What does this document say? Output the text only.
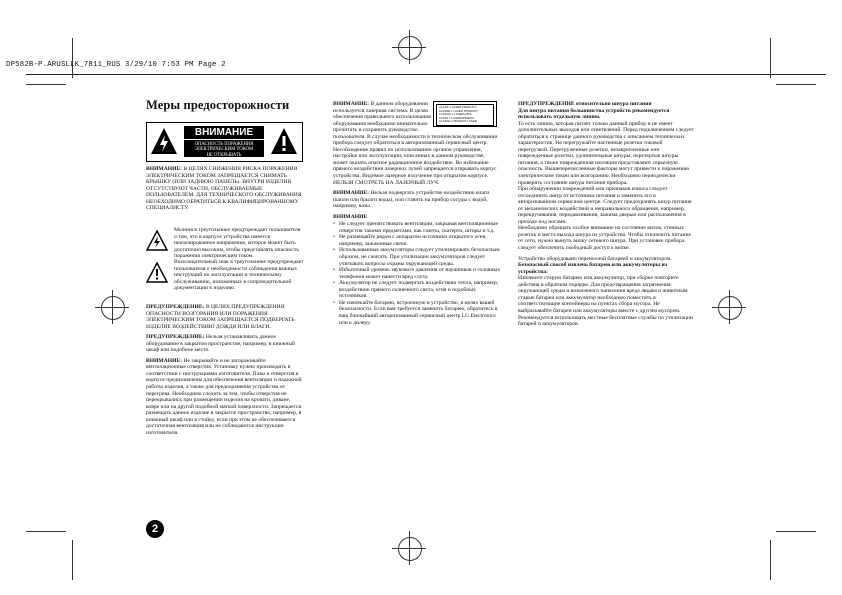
DP582B-P.ARUSLLK_7811_RUS 3/29/10 7:53 PM Page 2
Меры предосторожности
ВНИМАНИЕ
ОПАСНОСТЬ ПОРАЖЕНИЯ
ЭЛЕКТРИЧЕСКИМ ТОКОМ
НЕ ОТКРЫВАТЬ

ВНИМАНИЕ: В ЦЕЛЯХ СНИЖЕНИЯ РИСКА ПОРАЖЕНИЯ ЭЛЕКТРИЧЕСКИМ ТОКОМ ЗАПРЕЩАЕТСЯ СНИМАТЬ КРЫШКУ (ИЛИ ЗАДНЮЮ ПАНЕЛЬ). ВНУТРИ ИЗДЕЛИЯ ОТСУТСТВУЮТ ЧАСТИ, ОБСЛУЖИВАЕМЫЕ ПОЛЬЗОВАТЕЛЕМ. ДЛЯ ТЕХНИЧЕСКОГО ОБСЛУЖИВАНИЯ НЕОБХОДИМО ОБРАТИТЬСЯ К КВАЛИФИЦИРОВАННОМУ СПЕЦИАЛИСТУ.

Молния в треугольнике предупреждает пользователя о том, что в корпусе устройства имеется неизолированное напряжение, которое может быть достаточно высоким, чтобы представлять опасность поражения электрическим током.
Восклицательный знак в треугольнике предупреждает пользователя о необходимости соблюдения важных инструкций по эксплуатации и техническому обслуживанию, изложенных в сопроводительной документации к изделию.

ПРЕДУПРЕЖДЕНИЕ: В ЦЕЛЯХ ПРЕДУПРЕЖДЕНИЯ ОПАСНОСТИ ВОЗГОРАНИЯ ИЛИ ПОРАЖЕНИЯ ЭЛЕКТРИЧЕСКИМ ТОКОМ ЗАПРЕЩАЕТСЯ ПОДВЕРГАТЬ ИЗДЕЛИЕ ВОЗДЕЙСТВИЮ ДОЖДЯ ИЛИ ВЛАГИ.

ПРЕДУПРЕЖДЕНИЕ: Нельзя устанавливать данное оборудование в закрытом пространстве, например, в книжный шкаф или подобное место.

ВНИМАНИЕ: Не закрывайте и не загораживайте вентиляционные отверстия. Установку нужно производить в соответствии с инструкциями изготовителя. Пазы и отверстия в корпусе предназначены для обеспечения вентиляции и надежной работы изделия, а также для предохранения устройства от перегрева. Необходимо следить за тем, чтобы отверстия не перекрывались при размещении изделия на кровати, диване, ковре или на другой подобной мягкой поверхности. Запрещается размещать данное изделие в закрытое пространство, например, в книжный шкаф или в стойку, если при этом не обеспечивается достаточная вентиляция или не соблюдаются инструкции изготовителя.

CLASS 1 LASER PRODUCT
KLASSE 1 LASER PRODUKT
LUOKAN 1 LASERLAITE
KLASS 1 LASERAPPARAT
CLASSE 1 PRODUIT LASER

ВНИМАНИЕ: В данном оборудовании используется лазерная система. В целях обеспечения правильного использования оборудования необходимо внимательно прочитать и сохранить руководство пользователя. В случае необходимости в техническом обслуживании прибора следует обратиться в авторизованный сервисный центр. Несоблюдение правил по использованию органов управления, настройке или эксплуатации, описанных в данном руководстве, может оказать опасное радиационное воздействие. Во избежание прямого воздействия лазерных лучей запрещается открывать корпус устройства. Видимое лазерное излучение при открытом корпусе. НЕЛЬЗЯ СМОТРЕТЬ НА ЛАЗЕРНЫЙ ЛУЧ.

ВНИМАНИЕ: Нельзя подвергать устройство воздействию влаги (капли или брызги воды), или ставить на прибор сосуды с водой, например, вазы.

ВНИМАНИЕ

• Не следует препятствовать вентиляции, закрывая вентиляционные отверстия такими предметами, как газеты, скатерти, шторы и т.д.
• Не размещайте рядом с аппаратом источники открытого огня, например, зажженные свечи.
• Использованные аккумуляторы следует утилизировать безопасным образом, не сжигать. При утилизации аккумуляторов следует учитывать вопросы охраны окружающей среды.
• Избыточный уровень звукового давления от наушников и головных телефонов может нанести вред слуху.
• Аккумулятор не следует подвергать воздействию тепла, например, воздействию прямого солнечного света, огня и подобных источников.
• Не извлекайте батарею, встроенную в устройство, в целях вашей безопасности. Если вам требуется заменить батарею, обратитесь в ваш ближайший авторизованный сервисный центр LG Electronics или к дилеру.

ПРЕДУПРЕЖДЕНИЕ относительно шнура питания

Для шнура питания большинства устройств рекомендуется использовать отдельную линию.

То есть линию, которая питает только данный прибор и не имеет дополнительных выходов или ответвлений. Перед подключением следует обратиться к странице данного руководства с описанием технических характеристик. Не перегружайте настенные розетки токовой перегрузкой. Перегруженные розетки, незакрепленные или поврежденные розетки, удлинительные шнуры, перетертые шнуры питания, а также поврежденная изоляция представляют серьезную опасность. Вышеперечисленные факторы могут привести к поражению электрическим током или возгоранию. Необходимо периодически проверять состояние шнура питания прибора.

При обнаружении повреждений или признаков износа следует отсоединить шнур от источника питания и заменить его в авторизованном сервисном центре. Следует предохранять шнур питания от механических воздействий и неправильного обращения, например, перекручивания, передавливания, зажима дверью или расположения в проходе под ногами.

Необходимо обращать особое внимание на состояние вилок, стенных розеток и места выхода шнура из устройства. Чтобы отключить питание от сети, нужно вынуть вилку сетевого шнура. При установке прибора следует обеспечить свободный доступ к вилке.

Устройство оборудовано переносной батареей и аккумулятором.

Безопасный способ извлечь батарею или аккумуляторы из устройства:

Извлеките старую батарею или аккумулятор, при сборке повторите действия в обратном порядке. Для предотвращения загрязнения окружающей среды и возможного нанесения вреда людям и животным старые батареи или аккумулятор необходимо поместить в соответствующие контейнеры на пунктах сбора мусора. Не выбрасывайте батареи или аккумуляторы вместе с другим мусором. Рекомендуется использовать местные бесплатные службы по утилизации батарей и аккумуляторов.

2
